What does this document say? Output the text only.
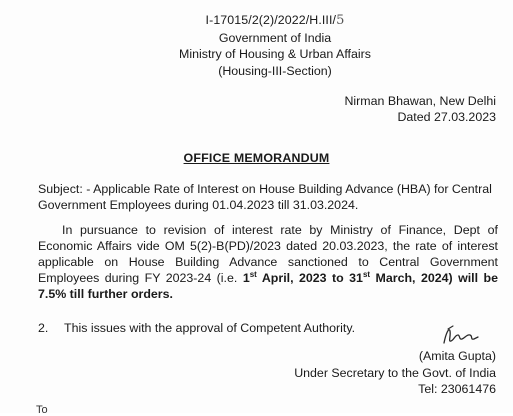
I-17015/2(2)/2022/H.III/5
Government of India
Ministry of Housing & Urban Affairs
(Housing-III-Section)
Nirman Bhawan, New Delhi
Dated 27.03.2023
OFFICE MEMORANDUM
Subject: - Applicable Rate of Interest on House Building Advance (HBA) for Central Government Employees during 01.04.2023 till 31.03.2024.
In pursuance to revision of interest rate by Ministry of Finance, Dept of Economic Affairs vide OM 5(2)-B(PD)/2023 dated 20.03.2023, the rate of interest applicable on House Building Advance sanctioned to Central Government Employees during FY 2023-24 (i.e. 1st April, 2023 to 31st March, 2024) will be 7.5% till further orders.
2. This issues with the approval of Competent Authority.
(Amita Gupta)
Under Secretary to the Govt. of India
Tel: 23061476
To
